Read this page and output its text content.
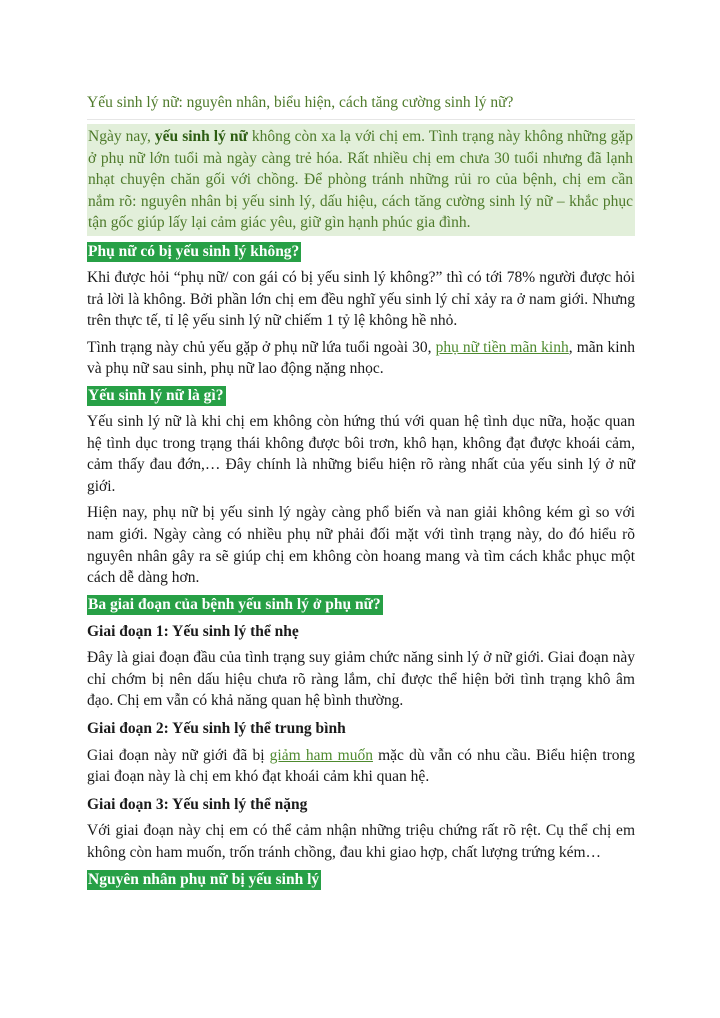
Yếu sinh lý nữ: nguyên nhân, biểu hiện, cách tăng cường sinh lý nữ?
Ngày nay, yếu sinh lý nữ không còn xa lạ với chị em. Tình trạng này không những gặp ở phụ nữ lớn tuổi mà ngày càng trẻ hóa. Rất nhiều chị em chưa 30 tuổi nhưng đã lạnh nhạt chuyện chăn gối với chồng. Để phòng tránh những rủi ro của bệnh, chị em cần nắm rõ: nguyên nhân bị yếu sinh lý, dấu hiệu, cách tăng cường sinh lý nữ – khắc phục tận gốc giúp lấy lại cảm giác yêu, giữ gìn hạnh phúc gia đình.
Phụ nữ có bị yếu sinh lý không?

Khi được hỏi “phụ nữ/ con gái có bị yếu sinh lý không?” thì có tới 78% người được hỏi trả lời là không. Bởi phần lớn chị em đều nghĩ yếu sinh lý chỉ xảy ra ở nam giới. Nhưng trên thực tế, tỉ lệ yếu sinh lý nữ chiếm 1 tỷ lệ không hề nhỏ.

Tình trạng này chủ yếu gặp ở phụ nữ lứa tuổi ngoài 30, phụ nữ tiền mãn kinh, mãn kinh và phụ nữ sau sinh, phụ nữ lao động nặng nhọc.

Yếu sinh lý nữ là gì?

Yếu sinh lý nữ là khi chị em không còn hứng thú với quan hệ tình dục nữa, hoặc quan hệ tình dục trong trạng thái không được bôi trơn, khô hạn, không đạt được khoái cảm, cảm thấy đau đớn,… Đây chính là những biểu hiện rõ ràng nhất của yếu sinh lý ở nữ giới.

Hiện nay, phụ nữ bị yếu sinh lý ngày càng phổ biến và nan giải không kém gì so với nam giới. Ngày càng có nhiều phụ nữ phải đối mặt với tình trạng này, do đó hiểu rõ nguyên nhân gây ra sẽ giúp chị em không còn hoang mang và tìm cách khắc phục một cách dễ dàng hơn.

Ba giai đoạn của bệnh yếu sinh lý ở phụ nữ?
Giai đoạn 1: Yếu sinh lý thể nhẹ

Đây là giai đoạn đầu của tình trạng suy giảm chức năng sinh lý ở nữ giới. Giai đoạn này chỉ chớm bị nên dấu hiệu chưa rõ ràng lắm, chỉ được thể hiện bởi tình trạng khô âm đạo. Chị em vẫn có khả năng quan hệ bình thường.

Giai đoạn 2: Yếu sinh lý thể trung bình

Giai đoạn này nữ giới đã bị giảm ham muốn mặc dù vẫn có nhu cầu. Biểu hiện trong giai đoạn này là chị em khó đạt khoái cảm khi quan hệ.

Giai đoạn 3: Yếu sinh lý thể nặng

Với giai đoạn này chị em có thể cảm nhận những triệu chứng rất rõ rệt. Cụ thể chị em không còn ham muốn, trốn tránh chồng, đau khi giao hợp, chất lượng trứng kém…

Nguyên nhân phụ nữ bị yếu sinh lý
